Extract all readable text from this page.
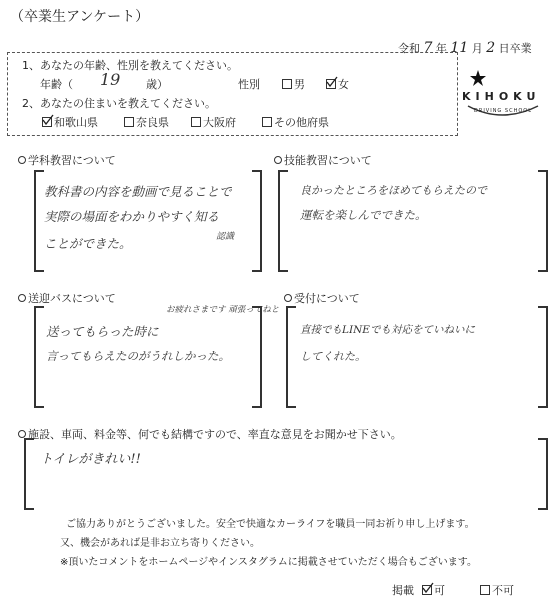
（卒業生アンケート）
令和 7 年 11 月 2 日卒業
KIHOKU
DRIVING SCHOOL
1、あなたの年齢、性別を教えてください。
年齢（ 19 歳）	性別	男	女
2、あなたの住まいを教えてください。
和歌山県	奈良県	大阪府	その他府県
学科教習について
教科書の内容を動画で見ることで
実際の場面をわかりやすく知る
ことができた。	認識
技能教習について
良かったところをほめてもらえたので
運転を楽しんでできた。
送迎バスについて
お疲れさまです 頑張ってねと
送ってもらった時に
言ってもらえたのがうれしかった。
受付について
直接でもLINEでも対応をていねいに
してくれた。
施設、車両、料金等、何でも結構ですので、率直な意見をお聞かせ下さい。
トイレがきれい!!
ご協力ありがとうございました。安全で快適なカーライフを職員一同お祈り申し上げます。
又、機会があれば是非お立ち寄りください。
※頂いたコメントをホームページやインスタグラムに掲載させていただく場合もございます。
掲載	可	不可
